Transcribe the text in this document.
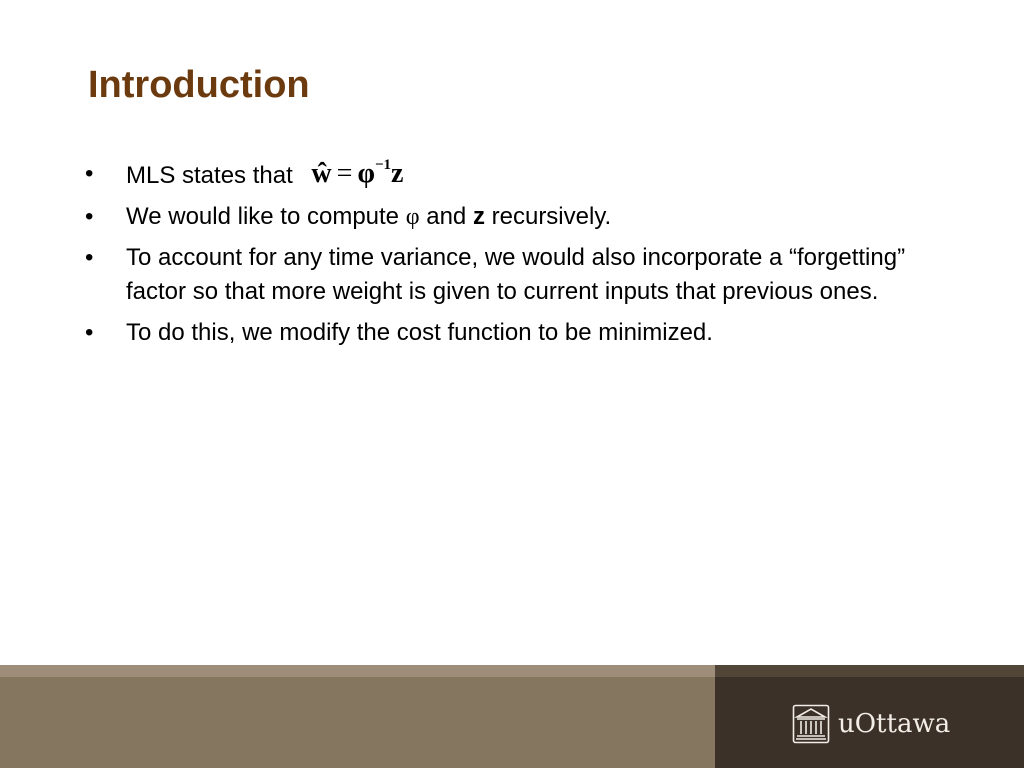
Introduction
•	MLS states that ŵ = $\varphi^{-1}z$
•	We would like to compute φ and z recursively.
•	To account for any time variance, we would also incorporate a “forgetting” factor so that more weight is given to current inputs that previous ones.
•	To do this, we modify the cost function to be minimized.
uOttawa
